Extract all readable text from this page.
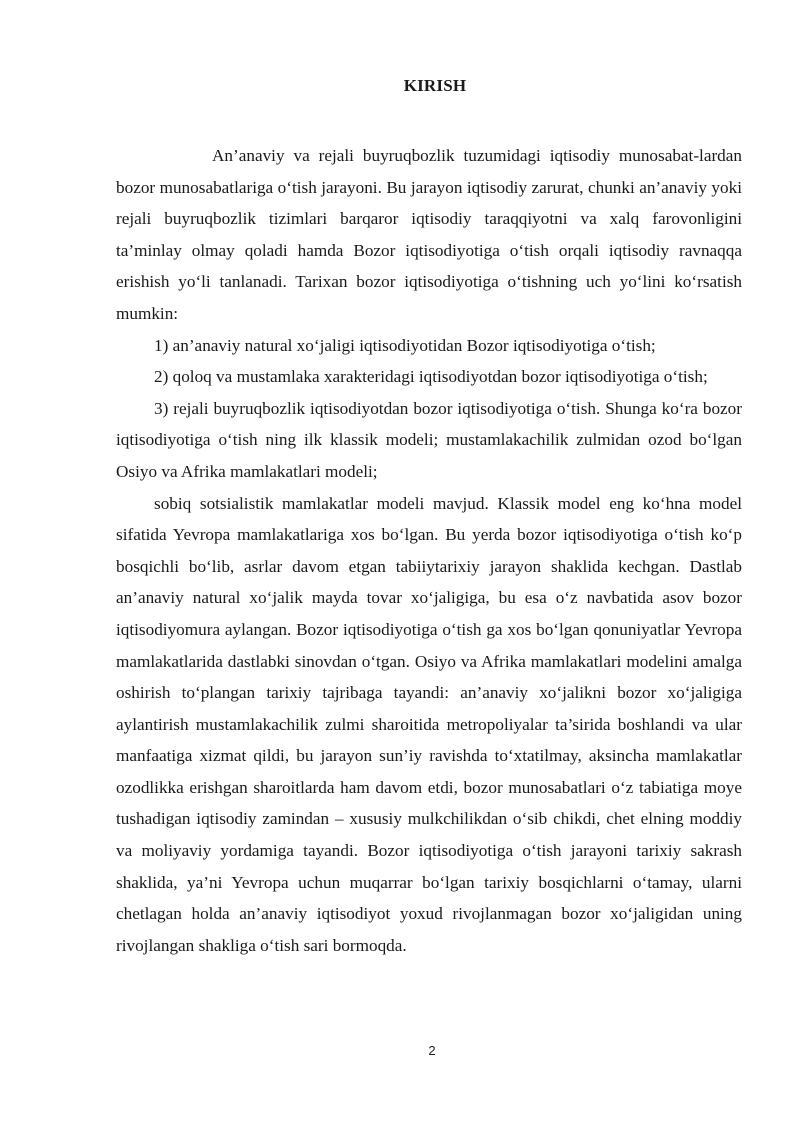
KIRISH

An’anaviy va rejali buyruqbozlik tuzumidagi iqtisodiy munosabat-lardan bozor munosabatlariga o‘tish jarayoni. Bu jarayon iqtisodiy zarurat, chunki an’anaviy yoki rejali buyruqbozlik tizimlari barqaror iqtisodiy taraqqiyotni va xalq farovonligini ta’minlay olmay qoladi hamda Bozor iqtisodiyotiga o‘tish orqali iqtisodiy ravnaqqa erishish yo‘li tanlanadi. Tarixan bozor iqtisodiyotiga o‘tishning uch yo‘lini ko‘rsatish mumkin:

1) an’anaviy natural xo‘jaligi iqtisodiyotidan Bozor iqtisodiyotiga o‘tish;

2) qoloq va mustamlaka xarakteridagi iqtisodiyotdan bozor iqtisodiyotiga o‘tish;

3) rejali buyruqbozlik iqtisodiyotdan bozor iqtisodiyotiga o‘tish. Shunga ko‘ra bozor iqtisodiyotiga o‘tish ning ilk klassik modeli; mustamlakachilik zulmidan ozod bo‘lgan Osiyo va Afrika mamlakatlari modeli;

sobiq sotsialistik mamlakatlar modeli mavjud. Klassik model eng ko‘hna model sifatida Yevropa mamlakatlariga xos bo‘lgan. Bu yerda bozor iqtisodiyotiga o‘tish ko‘p bosqichli bo‘lib, asrlar davom etgan tabiiytarixiy jarayon shaklida kechgan. Dastlab an’anaviy natural xo‘jalik mayda tovar xo‘jaligiga, bu esa o‘z navbatida asov bozor iqtisodiyomura aylangan. Bozor iqtisodiyotiga o‘tish ga xos bo‘lgan qonuniyatlar Yevropa mamlakatlarida dastlabki sinovdan o‘tgan. Osiyo va Afrika mamlakatlari modelini amalga oshirish to‘plangan tarixiy tajribaga tayandi: an’anaviy xo‘jalikni bozor xo‘jaligiga aylantirish mustamlakachilik zulmi sharoitida metropoliyalar ta’sirida boshlandi va ular manfaatiga xizmat qildi, bu jarayon sun’iy ravishda to‘xtatilmay, aksincha mamlakatlar ozodlikka erishgan sharoitlarda ham davom etdi, bozor munosabatlari o‘z tabiatiga moye tushadigan iqtisodiy zamindan – xususiy mulkchilikdan o‘sib chikdi, chet elning moddiy va moliyaviy yordamiga tayandi. Bozor iqtisodiyotiga o‘tish jarayoni tarixiy sakrash shaklida, ya’ni Yevropa uchun muqarrar bo‘lgan tarixiy bosqichlarni o‘tamay, ularni chetlagan holda an’anaviy iqtisodiyot yoxud rivojlanmagan bozor xo‘jaligidan uning rivojlangan shakliga o‘tish sari bormoqda.

2
